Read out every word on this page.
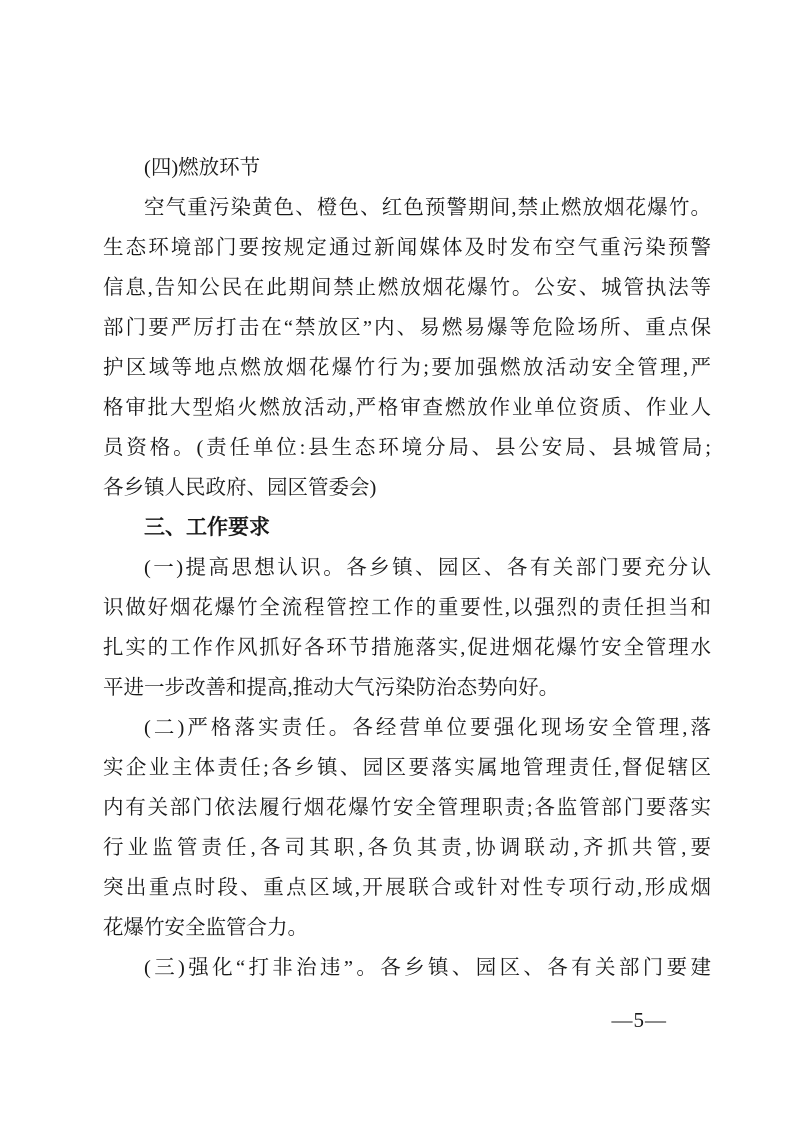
(四)燃放环节
空气重污染黄色、橙色、红色预警期间,禁止燃放烟花爆竹。
生态环境部门要按规定通过新闻媒体及时发布空气重污染预警
信息,告知公民在此期间禁止燃放烟花爆竹。公安、城管执法等
部门要严厉打击在“禁放区”内、易燃易爆等危险场所、重点保
护区域等地点燃放烟花爆竹行为;要加强燃放活动安全管理,严
格审批大型焰火燃放活动,严格审查燃放作业单位资质、作业人
员资格。(责任单位:县生态环境分局、县公安局、县城管局;
各乡镇人民政府、园区管委会)
三、工作要求
(一)提高思想认识。各乡镇、园区、各有关部门要充分认
识做好烟花爆竹全流程管控工作的重要性,以强烈的责任担当和
扎实的工作作风抓好各环节措施落实,促进烟花爆竹安全管理水
平进一步改善和提高,推动大气污染防治态势向好。
(二)严格落实责任。各经营单位要强化现场安全管理,落
实企业主体责任;各乡镇、园区要落实属地管理责任,督促辖区
内有关部门依法履行烟花爆竹安全管理职责;各监管部门要落实
行业监管责任,各司其职,各负其责,协调联动,齐抓共管,要
突出重点时段、重点区域,开展联合或针对性专项行动,形成烟
花爆竹安全监管合力。
(三)强化“打非治违”。各乡镇、园区、各有关部门要建
—5—
